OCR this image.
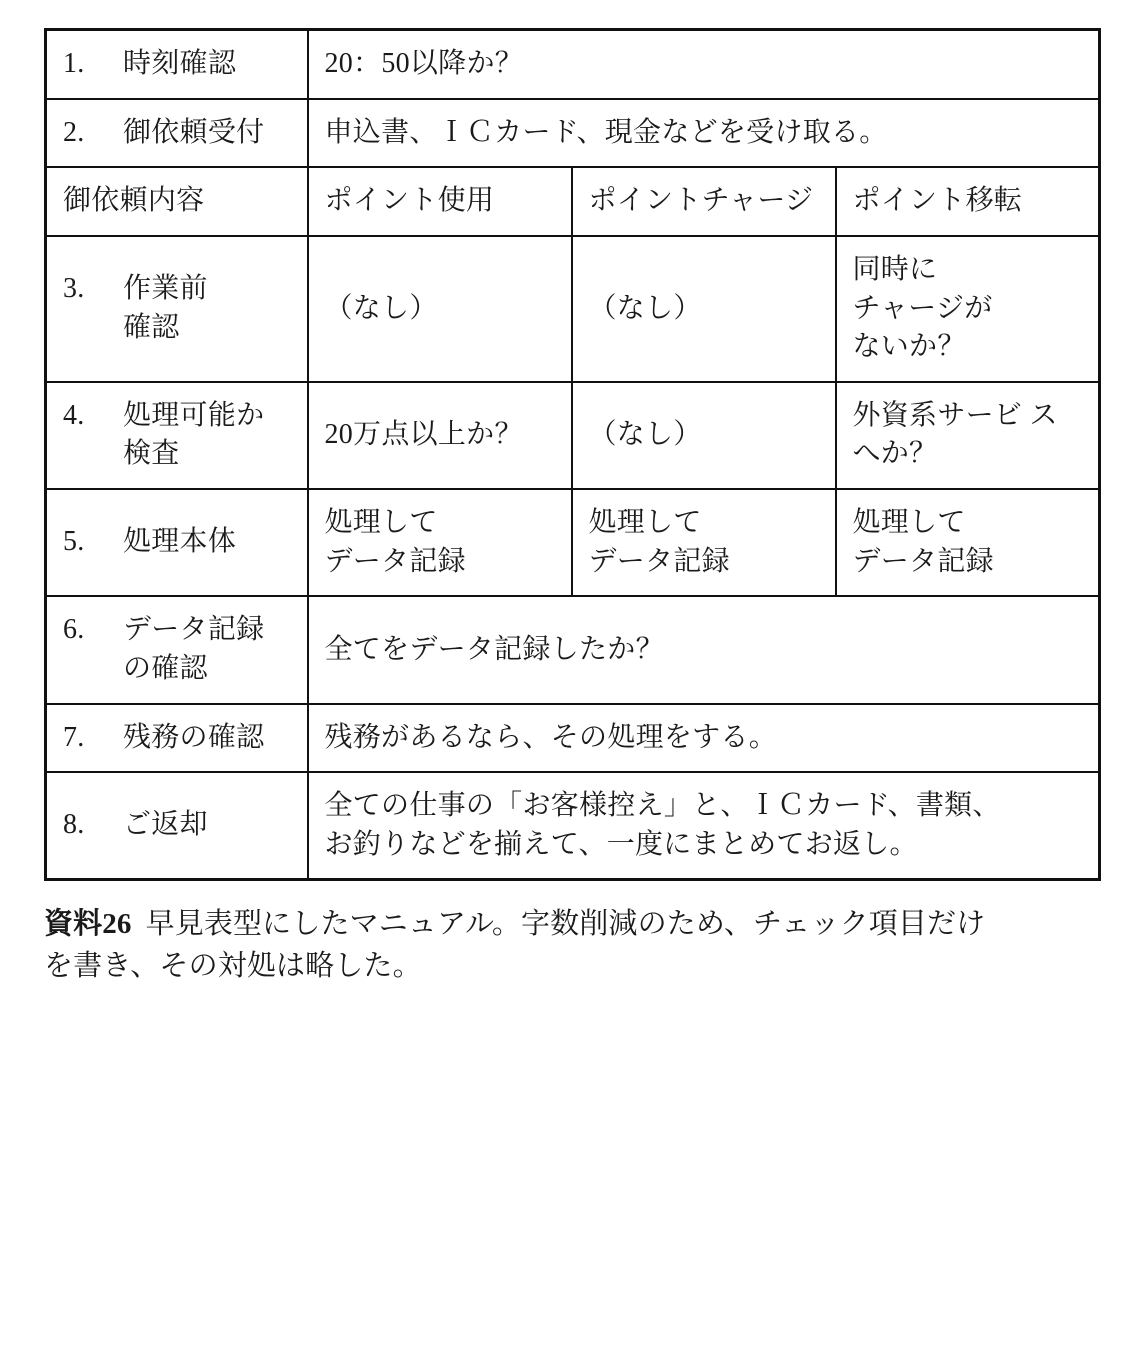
1. 時刻確認	20：50以降か？		

2. 御依頼受付	申込書、ＩＣカード、現金などを受け取る。		
御依頼内容	ポイント使用	ポイントチャージ	ポイント移転

3. 作業前
確認	（なし）	（なし）	同時に
チャージが
ないか？

4. 処理可能か
検査	20万点以上か？	（なし）	外資系サービ ス
へか？

5. 処理本体	処理して
データ記録	処理して
データ記録	処理して
データ記録

6. データ記録
の確認	全てをデータ記録したか？		

7. 残務の確認	残務があるなら、その処理をする。		

8. ご返却	全ての仕事の「お客様控え」と、ＩＣカード、書類、
お釣りなどを揃えて、一度にまとめてお返し。		
資料26 早見表型にしたマニュアル。字数削減のため、チェック項目だけ
を書き、その対処は略した。
